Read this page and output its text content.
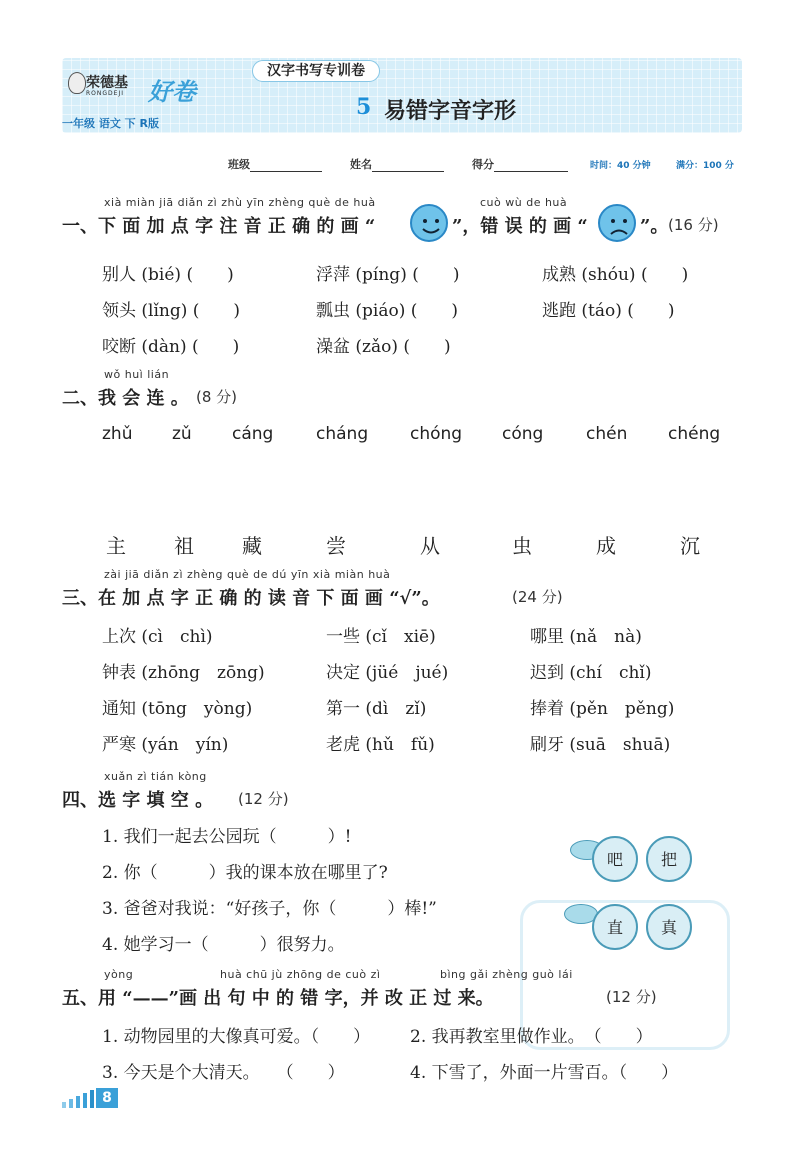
荣德基
RONGDEJI 好卷
一年级 语文 下 R版
汉字书写专训卷
5 易错字音字形
班级	姓名	得分	时间：40 分钟	满分：100 分
xià miàn jiā diǎn zì zhù yīn zhèng què de huà	cuò wù de huà
一、下 面 加 点 字 注 音 正 确 的 画 “	”，错 误 的 画 “	”。 (16 分)
别人 (bié) (　　)	浮萍 (píng) (　　)	成熟 (shóu) (　　)
领头 (lǐng) (　　)	瓢虫 (piáo) (　　)	逃跑 (táo) (　　)
咬断 (dàn) (　　)	澡盆 (zǎo) (　　)
wǒ huì lián
二、我 会 连 。 (8 分)
zhǔ zǔ cáng	cháng chóng cóng	chén chéng
主 祖 藏	尝	从	虫	成	沉
zài jiā diǎn zì zhèng què de dú yīn xià miàn huà
三、在 加 点 字 正 确 的 读 音 下 面 画 “√”。	(24 分)
上次 (cì　chì)	一些 (cǐ　xiē)	哪里 (nǎ　nà)
钟表 (zhōng　zōng)	决定 (jüé　jué)	迟到 (chí　chǐ)
通知 (tōng　yòng)	第一 (dì　zǐ)	捧着 (pěn　pěng)
严寒 (yán　yín)	老虎 (hǔ　fǔ)	刷牙 (suā　shuā)
xuǎn zì tián kòng
四、选 字 填 空 。 (12 分)
1. 我们一起去公园玩（　　　）!
2. 你（　　　）我的课本放在哪里了?
3. 爸爸对我说：“好孩子，你（　　　）棒!”
4. 她学习一（　　　）很努力。
吧	把
直	真
yòng	huà chū jù zhōng de cuò zì	bìng gǎi zhèng guò lái
五、用 “——”画 出 句 中 的 错 字，并 改 正 过 来。	(12 分)
1. 动物园里的大像真可爱。（　　） 2. 我再教室里做作业。　（　　）
3. 今天是个大清天。　　（　　）	4. 下雪了，外面一片雪百。（　　）
8
